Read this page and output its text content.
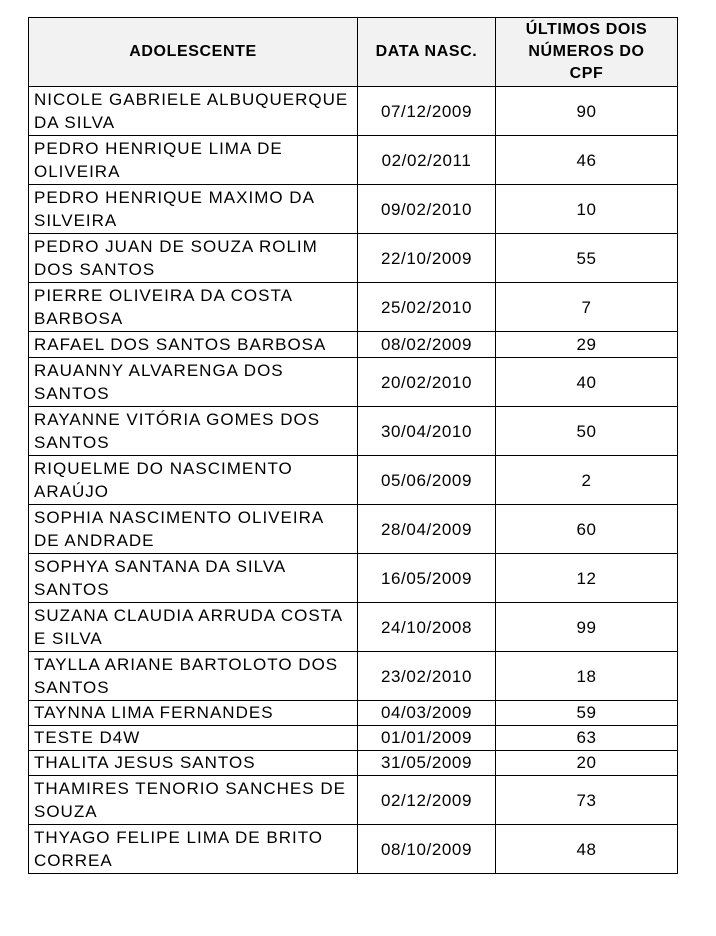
ADOLESCENTE	DATA NASC.	ÚLTIMOS DOIS
NÚMEROS DO
CPF

NICOLE GABRIELE ALBUQUERQUE DA SILVA	07/12/2009	90
PEDRO HENRIQUE LIMA DE OLIVEIRA	02/02/2011	46
PEDRO HENRIQUE MAXIMO DA SILVEIRA	09/02/2010	10
PEDRO JUAN DE SOUZA ROLIM DOS SANTOS	22/10/2009	55
PIERRE OLIVEIRA DA COSTA BARBOSA	25/02/2010	7
RAFAEL DOS SANTOS BARBOSA	08/02/2009	29
RAUANNY ALVARENGA DOS SANTOS	20/02/2010	40
RAYANNE VITÓRIA GOMES DOS SANTOS	30/04/2010	50
RIQUELME DO NASCIMENTO ARAÚJO	05/06/2009	2
SOPHIA NASCIMENTO OLIVEIRA DE ANDRADE	28/04/2009	60
SOPHYA SANTANA DA SILVA SANTOS	16/05/2009	12
SUZANA CLAUDIA ARRUDA COSTA E SILVA	24/10/2008	99
TAYLLA ARIANE BARTOLOTO DOS SANTOS	23/02/2010	18
TAYNNA LIMA FERNANDES	04/03/2009	59
TESTE D4W	01/01/2009	63
THALITA JESUS SANTOS	31/05/2009	20
THAMIRES TENORIO SANCHES DE SOUZA	02/12/2009	73
THYAGO FELIPE LIMA DE BRITO CORREA	08/10/2009	48
